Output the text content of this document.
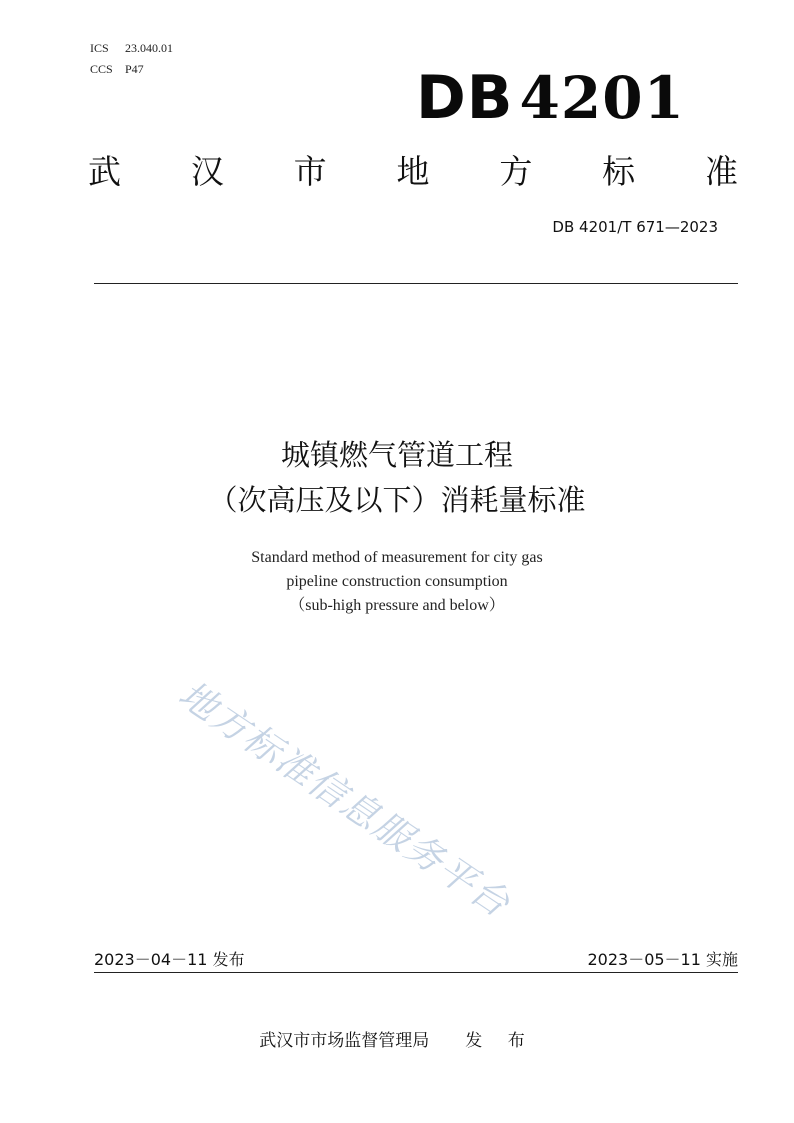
ICS 23.040.01
CCS P47	DB 4201
武 汉 市 地 方 标 准
DB 4201/T 671—2023
城镇燃气管道工程
（次高压及以下）消耗量标准
Standard method of measurement for city gas
pipeline construction consumption
（sub-high pressure and below）
地方标准信息服务平台
2023－04－11 发布	2023－05－11 实施
武汉市市场监督管理局 发 布
